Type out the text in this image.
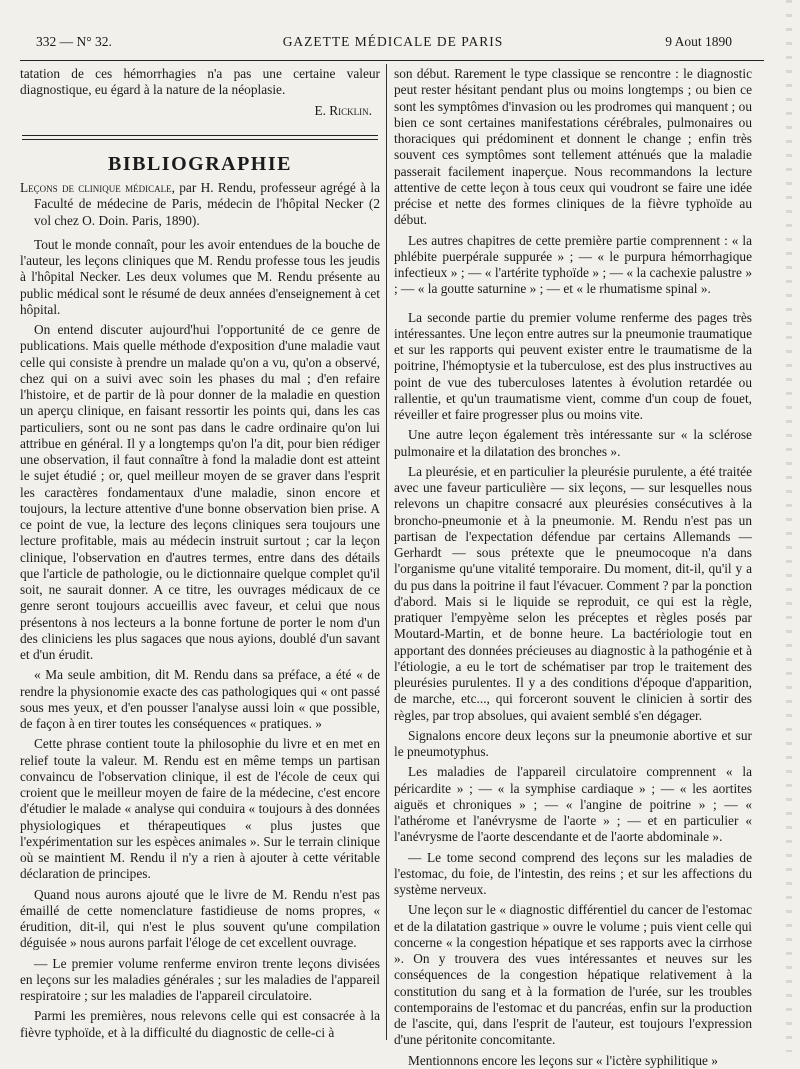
332 — N° 32.	GAZETTE MÉDICALE DE PARIS	9 Aout 1890

tatation de ces hémorrhagies n'a pas une certaine valeur diagnostique, eu égard à la nature de la néoplasie.

E. Ricklin.
BIBLIOGRAPHIE

Leçons de clinique médicale, par H. Rendu, professeur agrégé à la Faculté de médecine de Paris, médecin de l'hôpital Necker (2 vol chez O. Doin. Paris, 1890).

Tout le monde connaît, pour les avoir entendues de la bouche de l'auteur, les leçons cliniques que M. Rendu professe tous les jeudis à l'hôpital Necker. Les deux volumes que M. Rendu présente au public médical sont le résumé de deux années d'enseignement à cet hôpital.

On entend discuter aujourd'hui l'opportunité de ce genre de publications. Mais quelle méthode d'exposition d'une maladie vaut celle qui consiste à prendre un malade qu'on a vu, qu'on a observé, chez qui on a suivi avec soin les phases du mal ; d'en refaire l'histoire, et de partir de là pour donner de la maladie en question un aperçu clinique, en faisant ressortir les points qui, dans les cas particuliers, sont ou ne sont pas dans le cadre ordinaire qu'on lui attribue en général. Il y a longtemps qu'on l'a dit, pour bien rédiger une observation, il faut connaître à fond la maladie dont est atteint le sujet étudié ; or, quel meilleur moyen de se graver dans l'esprit les caractères fondamentaux d'une maladie, sinon encore et toujours, la lecture attentive d'une bonne observation bien prise. A ce point de vue, la lecture des leçons cliniques sera toujours une lecture profitable, mais au médecin instruit surtout ; car la leçon clinique, l'observation en d'autres termes, entre dans des détails que l'article de pathologie, ou le dictionnaire quelque complet qu'il soit, ne saurait donner. A ce titre, les ouvrages médicaux de ce genre seront toujours accueillis avec faveur, et celui que nous présentons à nos lecteurs a la bonne fortune de porter le nom d'un des cliniciens les plus sagaces que nous ayions, doublé d'un savant et d'un érudit.

« Ma seule ambition, dit M. Rendu dans sa préface, a été « de rendre la physionomie exacte des cas pathologiques qui « ont passé sous mes yeux, et d'en pousser l'analyse aussi loin « que possible, de façon à en tirer toutes les conséquences « pratiques. »

Cette phrase contient toute la philosophie du livre et en met en relief toute la valeur. M. Rendu est en même temps un partisan convaincu de l'observation clinique, il est de l'école de ceux qui croient que le meilleur moyen de faire de la médecine, c'est encore d'étudier le malade « analyse qui conduira « toujours à des données physiologiques et thérapeutiques « plus justes que l'expérimentation sur les espèces animales ». Sur le terrain clinique où se maintient M. Rendu il n'y a rien à ajouter à cette véritable déclaration de principes.

Quand nous aurons ajouté que le livre de M. Rendu n'est pas émaillé de cette nomenclature fastidieuse de noms propres, « érudition, dit-il, qui n'est le plus souvent qu'une compilation déguisée » nous aurons parfait l'éloge de cet excellent ouvrage.

— Le premier volume renferme environ trente leçons divisées en leçons sur les maladies générales ; sur les maladies de l'appareil respiratoire ; sur les maladies de l'appareil circulatoire.

Parmi les premières, nous relevons celle qui est consacrée à la fièvre typhoïde, et à la difficulté du diagnostic de celle-ci à

son début. Rarement le type classique se rencontre : le diagnostic peut rester hésitant pendant plus ou moins longtemps ; ou bien ce sont les symptômes d'invasion ou les prodromes qui manquent ; ou bien ce sont certaines manifestations cérébrales, pulmonaires ou thoraciques qui prédominent et donnent le change ; enfin très souvent ces symptômes sont tellement atténués que la maladie passerait facilement inaperçue. Nous recommandons la lecture attentive de cette leçon à tous ceux qui voudront se faire une idée précise et nette des formes cliniques de la fièvre typhoïde au début.

Les autres chapitres de cette première partie comprennent : « la phlébite puerpérale suppurée » ; — « le purpura hémorrhagique infectieux » ; — « l'artérite typhoïde » ; — « la cachexie palustre » ; — « la goutte saturnine » ; — et « le rhumatisme spinal ».

La seconde partie du premier volume renferme des pages très intéressantes. Une leçon entre autres sur la pneumonie traumatique et sur les rapports qui peuvent exister entre le traumatisme de la poitrine, l'hémoptysie et la tuberculose, est des plus instructives au point de vue des tuberculoses latentes à évolution retardée ou rallentie, et qu'un traumatisme vient, comme d'un coup de fouet, réveiller et faire progresser plus ou moins vite.

Une autre leçon également très intéressante sur « la sclérose pulmonaire et la dilatation des bronches ».

La pleurésie, et en particulier la pleurésie purulente, a été traitée avec une faveur particulière — six leçons, — sur lesquelles nous relevons un chapitre consacré aux pleurésies consécutives à la broncho-pneumonie et à la pneumonie. M. Rendu n'est pas un partisan de l'expectation défendue par certains Allemands — Gerhardt — sous prétexte que le pneumocoque n'a dans l'organisme qu'une vitalité temporaire. Du moment, dit-il, qu'il y a du pus dans la poitrine il faut l'évacuer. Comment ? par la ponction d'abord. Mais si le liquide se reproduit, ce qui est la règle, pratiquer l'empyème selon les préceptes et règles posés par Moutard-Martin, et de bonne heure. La bactériologie tout en apportant des données précieuses au diagnostic à la pathogénie et à l'étiologie, a eu le tort de schématiser par trop le traitement des pleurésies purulentes. Il y a des conditions d'époque d'apparition, de marche, etc..., qui forceront souvent le clinicien à sortir des règles, par trop absolues, qui avaient semblé s'en dégager.

Signalons encore deux leçons sur la pneumonie abortive et sur le pneumotyphus.

Les maladies de l'appareil circulatoire comprennent « la péricardite » ; — « la symphise cardiaque » ; — « les aortites aiguës et chroniques » ; — « l'angine de poitrine » ; — « l'athérome et l'anévrysme de l'aorte » ; — et en particulier « l'anévrysme de l'aorte descendante et de l'aorte abdominale ».

— Le tome second comprend des leçons sur les maladies de l'estomac, du foie, de l'intestin, des reins ; et sur les affections du système nerveux.

Une leçon sur le « diagnostic différentiel du cancer de l'estomac et de la dilatation gastrique » ouvre le volume ; puis vient celle qui concerne « la congestion hépatique et ses rapports avec la cirrhose ». On y trouvera des vues intéressantes et neuves sur les conséquences de la congestion hépatique relativement à la constitution du sang et à la formation de l'urée, sur les troubles contemporains de l'estomac et du pancréas, enfin sur la production de l'ascite, qui, dans l'esprit de l'auteur, est toujours l'expression d'une péritonite concomitante.

Mentionnons encore les leçons sur « l'ictère syphilitique »
